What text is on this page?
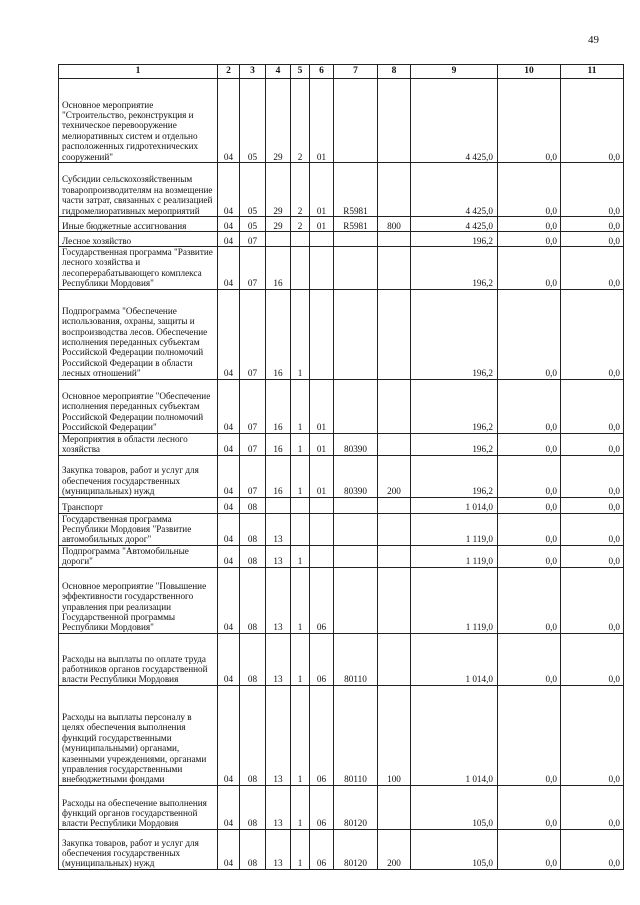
49
1	2	3	4	5	6	7	8	9	10	11
Основное мероприятие "Строительство, реконструкция и техническое перевооружение мелиоративных систем и отдельно расположенных гидротехнических сооружений"	04	05	29	2	01			4 425,0	0,0	0,0
Субсидии сельскохозяйственным товаропроизводителям на возмещение части затрат, связанных с реализацией гидромелиоративных мероприятий	04	05	29	2	01	R5981		4 425,0	0,0	0,0
Иные бюджетные ассигнования	04	05	29	2	01	R5981	800	4 425,0	0,0	0,0
Лесное хозяйство	04	07						196,2	0,0	0,0
Государственная программа "Развитие лесного хозяйства и лесоперерабатывающего комплекса Республики Мордовия"	04	07	16					196,2	0,0	0,0
Подпрограмма "Обеспечение использования, охраны, защиты и воспроизводства лесов. Обеспечение исполнения переданных субъектам Российской Федерации полномочий Российской Федерации в области лесных отношений"	04	07	16	1				196,2	0,0	0,0
Основное мероприятие "Обеспечение исполнения переданных субъектам Российской Федерации полномочий Российской Федерации"	04	07	16	1	01			196,2	0,0	0,0
Мероприятия в области лесного хозяйства	04	07	16	1	01	80390		196,2	0,0	0,0
Закупка товаров, работ и услуг для обеспечения государственных (муниципальных) нужд	04	07	16	1	01	80390	200	196,2	0,0	0,0
Транспорт	04	08						1 014,0	0,0	0,0
Государственная программа Республики Мордовия "Развитие автомобильных дорог"	04	08	13					1 119,0	0,0	0,0
Подпрограмма "Автомобильные дороги"	04	08	13	1				1 119,0	0,0	0,0
Основное мероприятие "Повышение эффективности государственного управления при реализации Государственной программы Республики Мордовия"	04	08	13	1	06			1 119,0	0,0	0,0
Расходы на выплаты по оплате труда работников органов государственной власти Республики Мордовия	04	08	13	1	06	80110		1 014,0	0,0	0,0
Расходы на выплаты персоналу в целях обеспечения выполнения функций государственными (муниципальными) органами, казенными учреждениями, органами управления государственными внебюджетными фондами	04	08	13	1	06	80110	100	1 014,0	0,0	0,0
Расходы на обеспечение выполнения функций органов государственной власти Республики Мордовия	04	08	13	1	06	80120		105,0	0,0	0,0
Закупка товаров, работ и услуг для обеспечения государственных (муниципальных) нужд	04	08	13	1	06	80120	200	105,0	0,0	0,0
